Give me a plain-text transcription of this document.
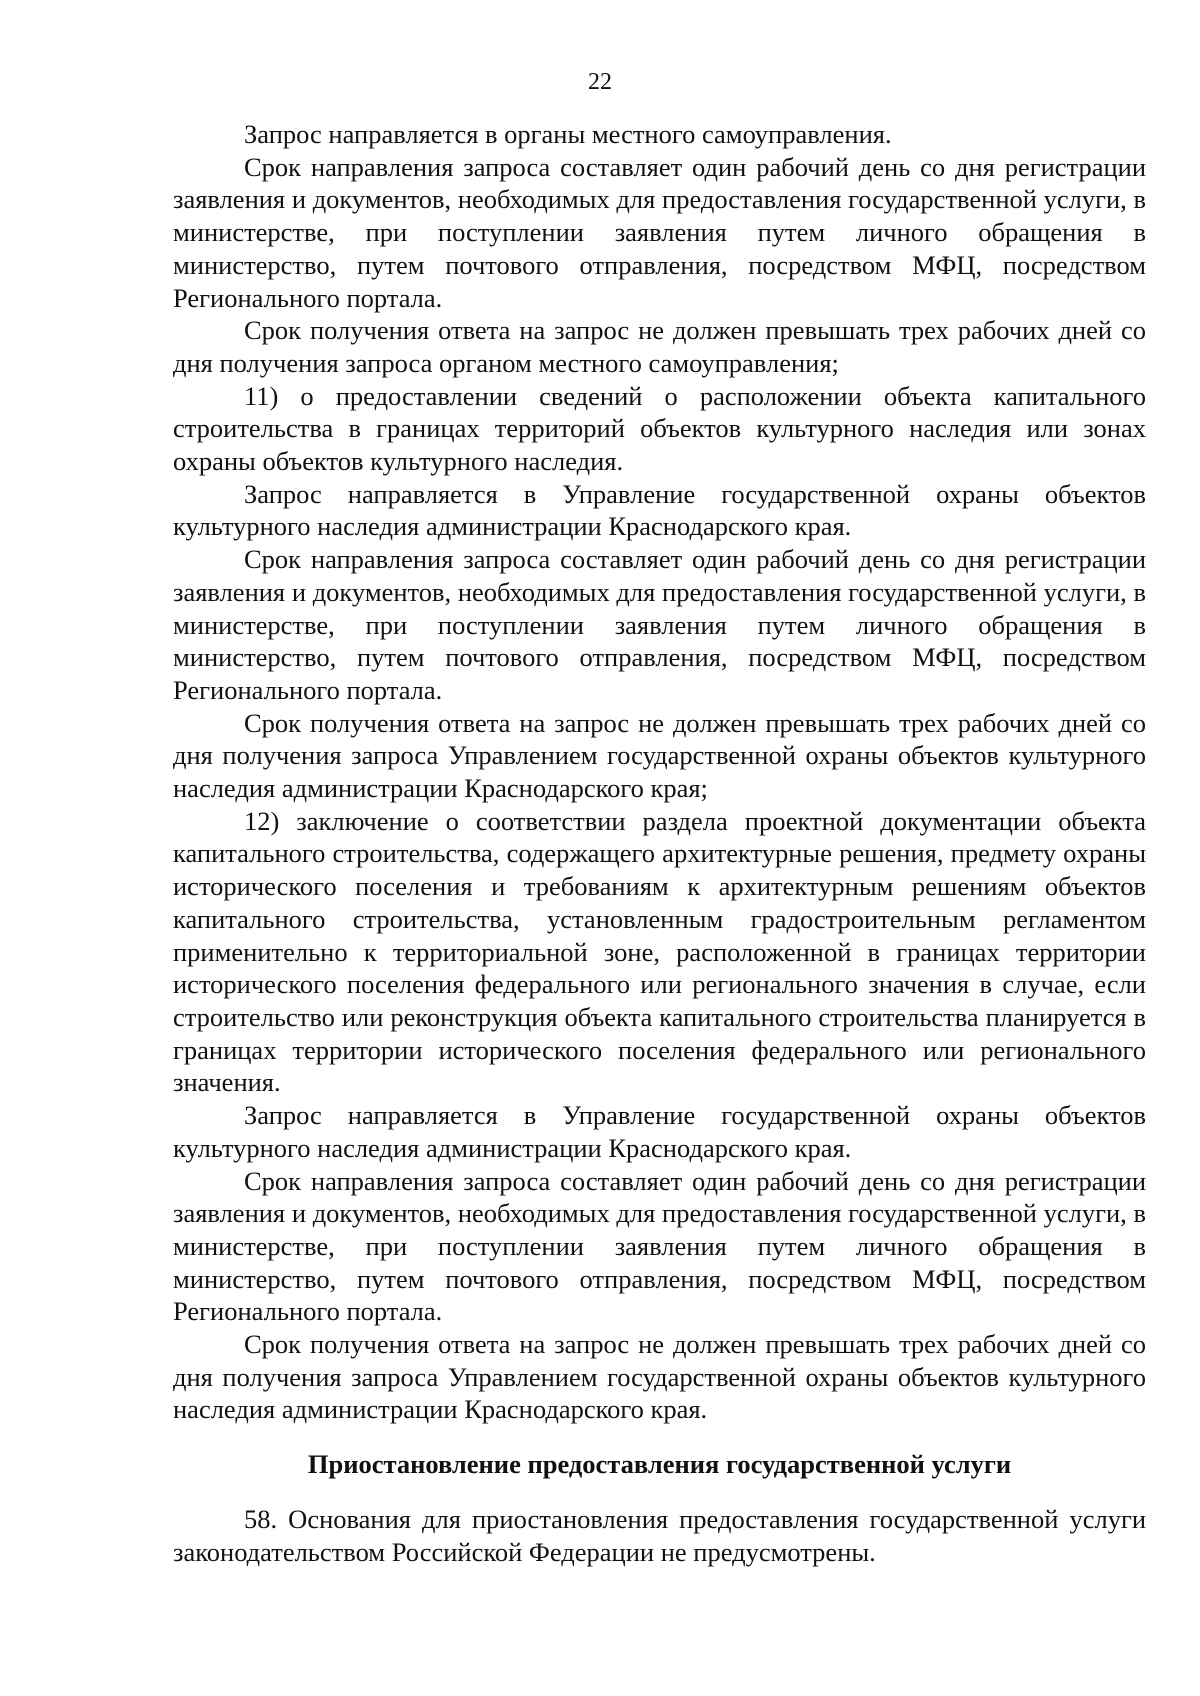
22

Запрос направляется в органы местного самоуправления.

Срок направления запроса составляет один рабочий день со дня регистрации заявления и документов, необходимых для предоставления государственной услуги, в министерстве, при поступлении заявления путем личного обращения в министерство, путем почтового отправления, посредством МФЦ, посредством Регионального портала.

Срок получения ответа на запрос не должен превышать трех рабочих дней со дня получения запроса органом местного самоуправления;

11) о предоставлении сведений о расположении объекта капитального строительства в границах территорий объектов культурного наследия или зонах охраны объектов культурного наследия.

Запрос направляется в Управление государственной охраны объектов культурного наследия администрации Краснодарского края.

Срок направления запроса составляет один рабочий день со дня регистрации заявления и документов, необходимых для предоставления государственной услуги, в министерстве, при поступлении заявления путем личного обращения в министерство, путем почтового отправления, посредством МФЦ, посредством Регионального портала.

Срок получения ответа на запрос не должен превышать трех рабочих дней со дня получения запроса Управлением государственной охраны объектов культурного наследия администрации Краснодарского края;

12) заключение о соответствии раздела проектной документации объекта капитального строительства, содержащего архитектурные решения, предмету охраны исторического поселения и требованиям к архитектурным решениям объектов капитального строительства, установленным градостроительным регламентом применительно к территориальной зоне, расположенной в границах территории исторического поселения федерального или регионального значения в случае, если строительство или реконструкция объекта капитального строительства планируется в границах территории исторического поселения федерального или регионального значения.

Запрос направляется в Управление государственной охраны объектов культурного наследия администрации Краснодарского края.

Срок направления запроса составляет один рабочий день со дня регистрации заявления и документов, необходимых для предоставления государственной услуги, в министерстве, при поступлении заявления путем личного обращения в министерство, путем почтового отправления, посредством МФЦ, посредством Регионального портала.

Срок получения ответа на запрос не должен превышать трех рабочих дней со дня получения запроса Управлением государственной охраны объектов культурного наследия администрации Краснодарского края.

Приостановление предоставления государственной услуги

58. Основания для приостановления предоставления государственной услуги законодательством Российской Федерации не предусмотрены.
